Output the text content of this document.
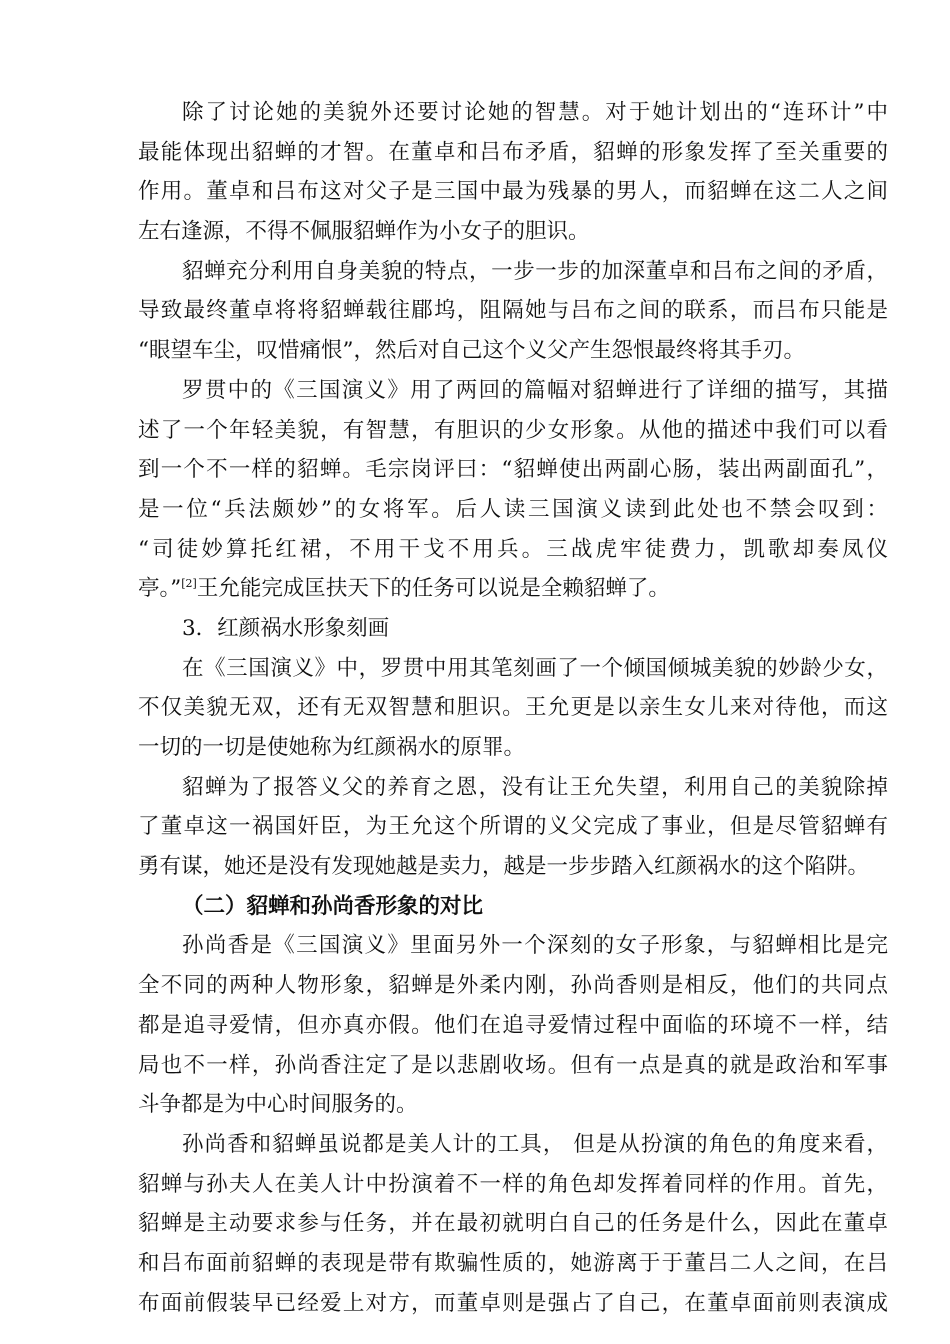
除了讨论她的美貌外还要讨论她的智慧。对于她计划出的“连环计”中
最能体现出貂蝉的才智。在董卓和吕布矛盾，貂蝉的形象发挥了至关重要的
作用。董卓和吕布这对父子是三国中最为残暴的男人，而貂蝉在这二人之间
左右逢源，不得不佩服貂蝉作为小女子的胆识。
貂蝉充分利用自身美貌的特点，一步一步的加深董卓和吕布之间的矛盾，
导致最终董卓将将貂蝉载往郿坞，阻隔她与吕布之间的联系，而吕布只能是
“眼望车尘，叹惜痛恨”，然后对自己这个义父产生怨恨最终将其手刃。
罗贯中的《三国演义》用了两回的篇幅对貂蝉进行了详细的描写，其描
述了一个年轻美貌，有智慧，有胆识的少女形象。从他的描述中我们可以看
到一个不一样的貂蝉。毛宗岗评曰：“貂蝉使出两副心肠，装出两副面孔”，
是一位“兵法颇妙”的女将军。后人读三国演义读到此处也不禁会叹到：
“司徒妙算托红裙，不用干戈不用兵。三战虎牢徒费力，凯歌却奏凤仪
亭。”[2]王允能完成匡扶天下的任务可以说是全赖貂蝉了。
3．红颜祸水形象刻画
在《三国演义》中，罗贯中用其笔刻画了一个倾国倾城美貌的妙龄少女，
不仅美貌无双，还有无双智慧和胆识。王允更是以亲生女儿来对待他，而这
一切的一切是使她称为红颜祸水的原罪。
貂蝉为了报答义父的养育之恩，没有让王允失望，利用自己的美貌除掉
了董卓这一祸国奸臣，为王允这个所谓的义父完成了事业，但是尽管貂蝉有
勇有谋，她还是没有发现她越是卖力，越是一步步踏入红颜祸水的这个陷阱。
（二）貂蝉和孙尚香形象的对比
孙尚香是《三国演义》里面另外一个深刻的女子形象，与貂蝉相比是完
全不同的两种人物形象，貂蝉是外柔内刚，孙尚香则是相反，他们的共同点
都是追寻爱情，但亦真亦假。他们在追寻爱情过程中面临的环境不一样，结
局也不一样，孙尚香注定了是以悲剧收场。但有一点是真的就是政治和军事
斗争都是为中心时间服务的。
孙尚香和貂蝉虽说都是美人计的工具， 但是从扮演的角色的角度来看，
貂蝉与孙夫人在美人计中扮演着不一样的角色却发挥着同样的作用。首先，
貂蝉是主动要求参与任务，并在最初就明白自己的任务是什么，因此在董卓
和吕布面前貂蝉的表现是带有欺骗性质的，她游离于于董吕二人之间，在吕
布面前假装早已经爱上对方，而董卓则是强占了自己，在董卓面前则表演成
